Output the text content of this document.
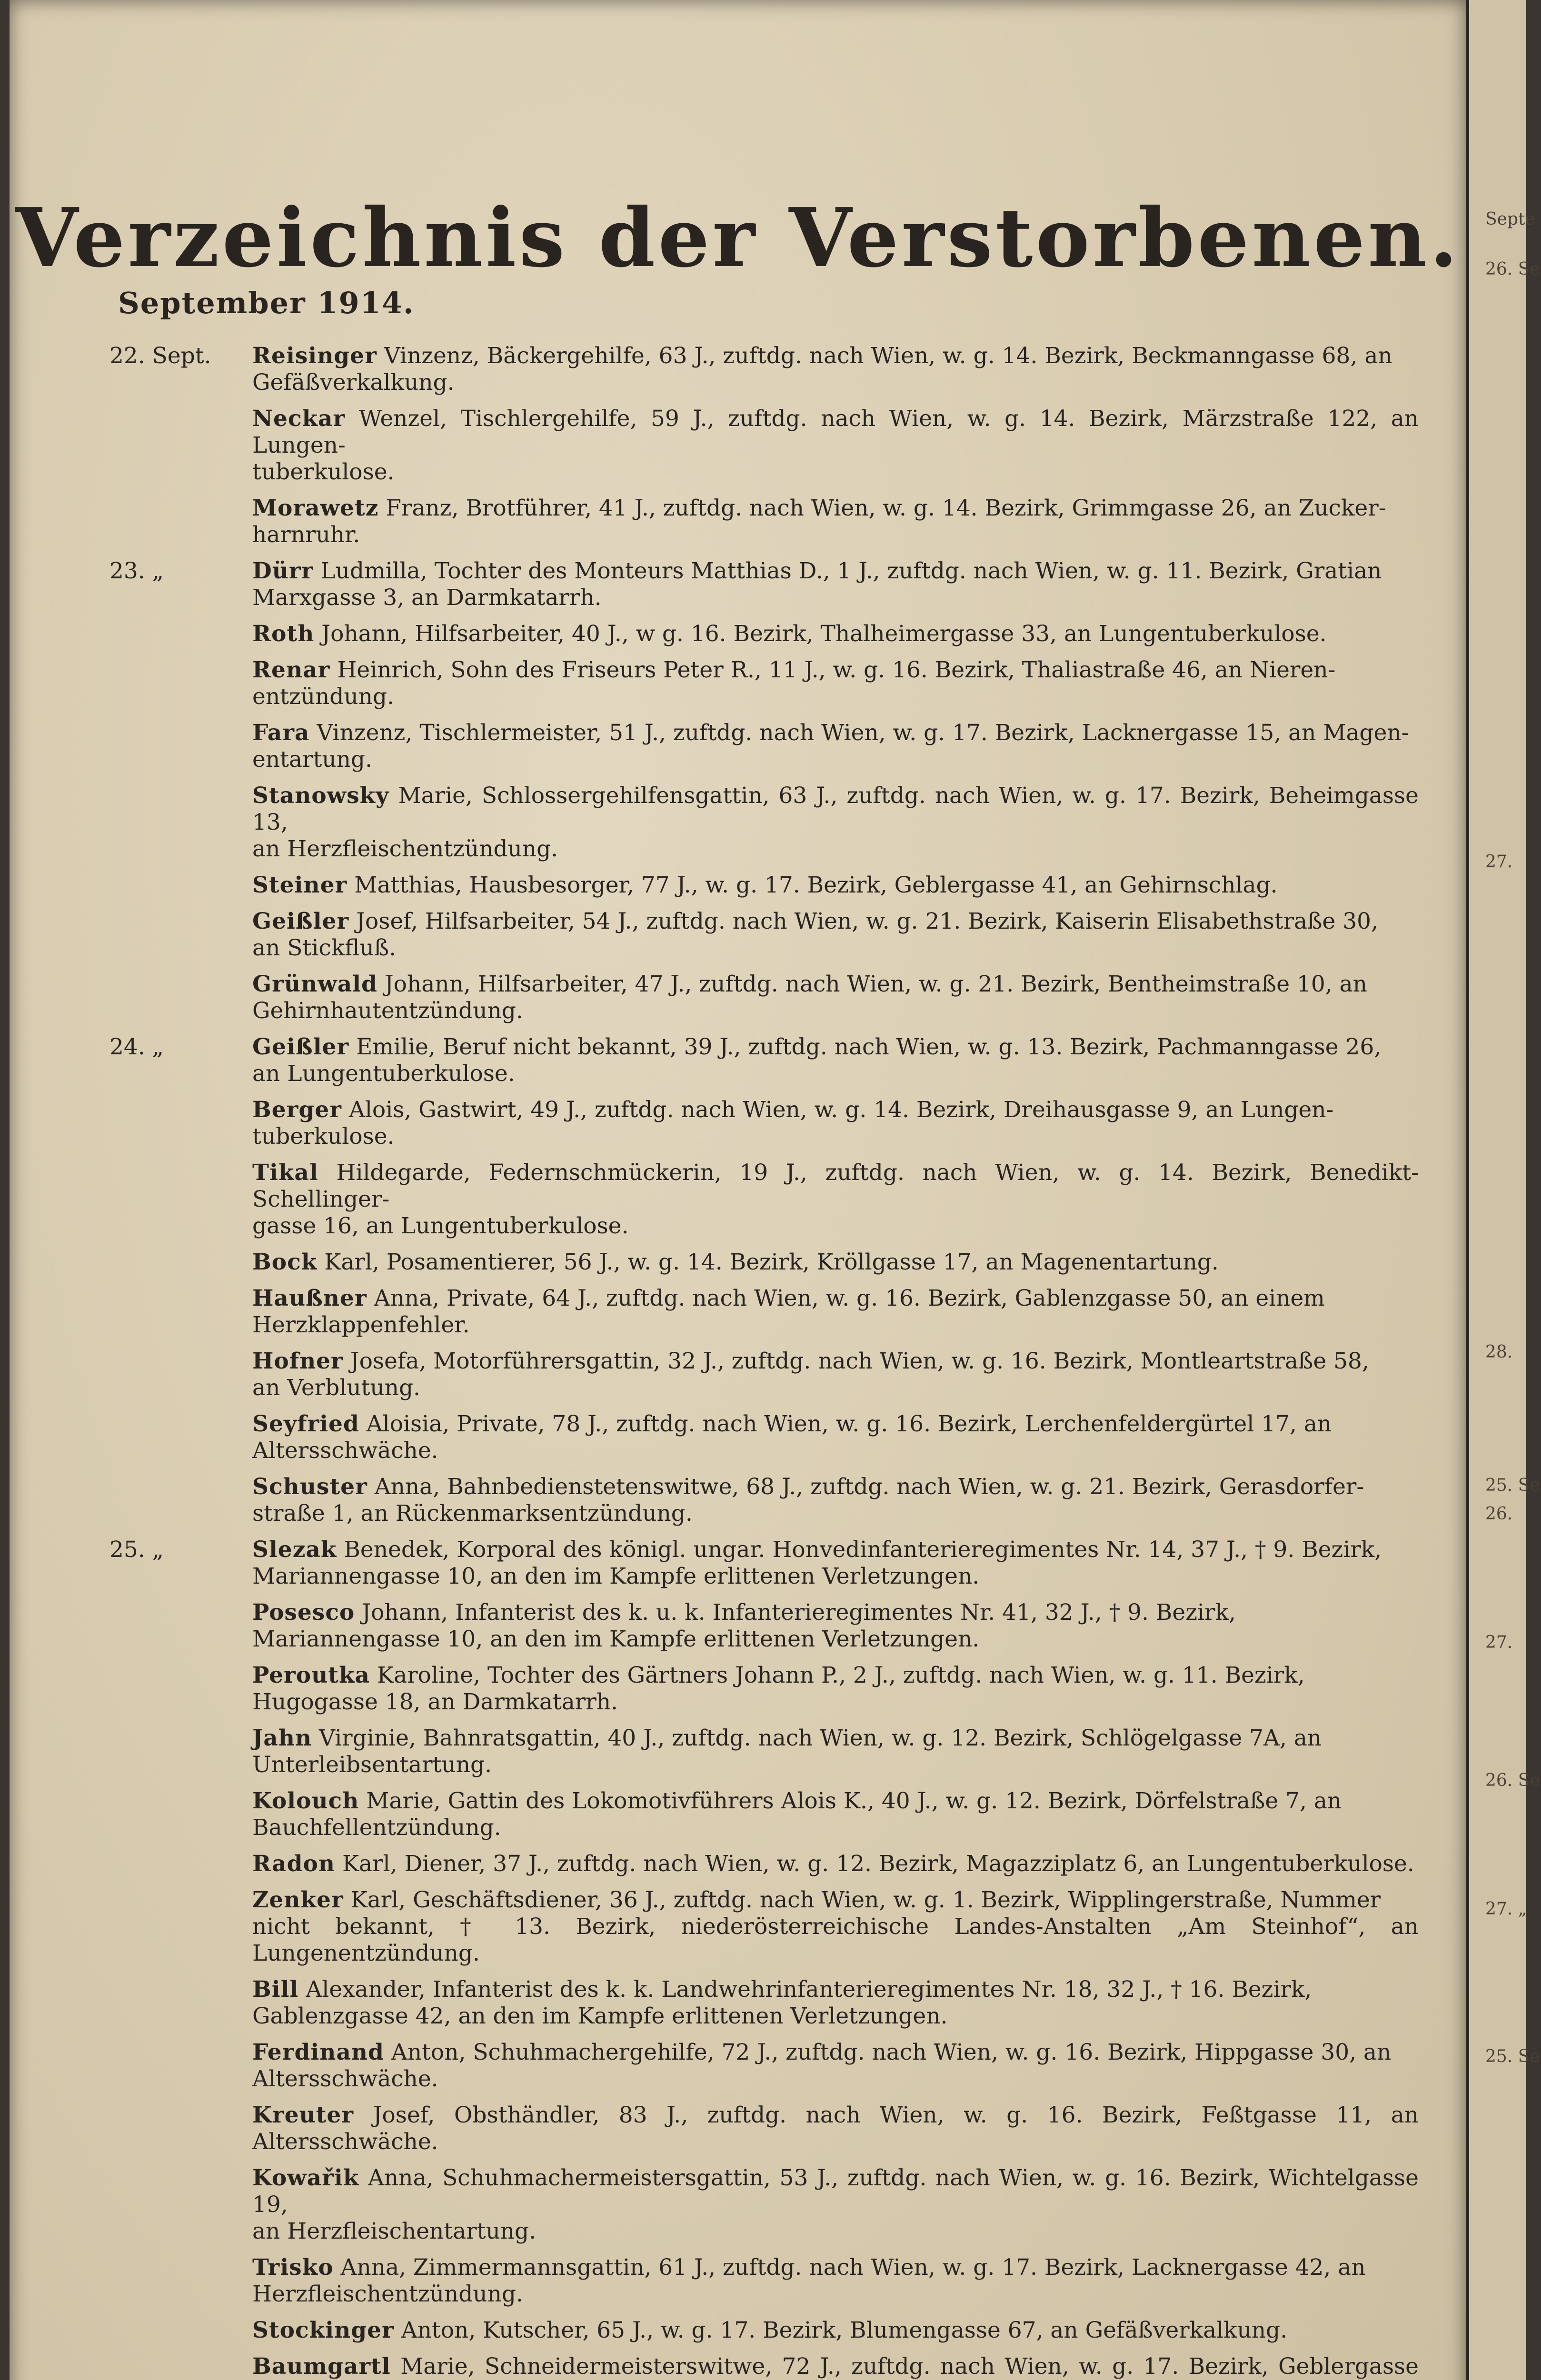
Verzeichnis der Verstorbenen.
September 1914.
22. Sept.	Reisinger Vinzenz, Bäckergehilfe, 63 J., zuftdg. nach Wien, w. g. 14. Bezirk, Beckmanngasse 68, an
Gefäßverkalkung.
Neckar Wenzel, Tischlergehilfe, 59 J., zuftdg. nach Wien, w. g. 14. Bezirk, Märzstraße 122, an Lungen-
tuberkulose.
Morawetz Franz, Brotführer, 41 J., zuftdg. nach Wien, w. g. 14. Bezirk, Grimmgasse 26, an Zucker-
harnruhr.
23. „	Dürr Ludmilla, Tochter des Monteurs Matthias D., 1 J., zuftdg. nach Wien, w. g. 11. Bezirk, Gratian
Marxgasse 3, an Darmkatarrh.
Roth Johann, Hilfsarbeiter, 40 J., w g. 16. Bezirk, Thalheimergasse 33, an Lungentuberkulose.
Renar Heinrich, Sohn des Friseurs Peter R., 11 J., w. g. 16. Bezirk, Thaliastraße 46, an Nieren-
entzündung.
Fara Vinzenz, Tischlermeister, 51 J., zuftdg. nach Wien, w. g. 17. Bezirk, Lacknergasse 15, an Magen-
entartung.
Stanowsky Marie, Schlossergehilfensgattin, 63 J., zuftdg. nach Wien, w. g. 17. Bezirk, Beheimgasse 13,
an Herzfleischentzündung.
Steiner Matthias, Hausbesorger, 77 J., w. g. 17. Bezirk, Geblergasse 41, an Gehirnschlag.
Geißler Josef, Hilfsarbeiter, 54 J., zuftdg. nach Wien, w. g. 21. Bezirk, Kaiserin Elisabethstraße 30,
an Stickfluß.
Grünwald Johann, Hilfsarbeiter, 47 J., zuftdg. nach Wien, w. g. 21. Bezirk, Bentheimstraße 10, an
Gehirnhautentzündung.
24. „	Geißler Emilie, Beruf nicht bekannt, 39 J., zuftdg. nach Wien, w. g. 13. Bezirk, Pachmanngasse 26,
an Lungentuberkulose.
Berger Alois, Gastwirt, 49 J., zuftdg. nach Wien, w. g. 14. Bezirk, Dreihausgasse 9, an Lungen-
tuberkulose.
Tikal Hildegarde, Federnschmückerin, 19 J., zuftdg. nach Wien, w. g. 14. Bezirk, Benedikt-Schellinger-
gasse 16, an Lungentuberkulose.
Bock Karl, Posamentierer, 56 J., w. g. 14. Bezirk, Kröllgasse 17, an Magenentartung.
Haußner Anna, Private, 64 J., zuftdg. nach Wien, w. g. 16. Bezirk, Gablenzgasse 50, an einem
Herzklappenfehler.
Hofner Josefa, Motorführersgattin, 32 J., zuftdg. nach Wien, w. g. 16. Bezirk, Montleartstraße 58,
an Verblutung.
Seyfried Aloisia, Private, 78 J., zuftdg. nach Wien, w. g. 16. Bezirk, Lerchenfeldergürtel 17, an
Altersschwäche.
Schuster Anna, Bahnbedienstetenswitwe, 68 J., zuftdg. nach Wien, w. g. 21. Bezirk, Gerasdorfer-
straße 1, an Rückenmarksentzündung.
25. „	Slezak Benedek, Korporal des königl. ungar. Honvedinfanterieregimentes Nr. 14, 37 J., † 9. Bezirk,
Mariannengasse 10, an den im Kampfe erlittenen Verletzungen.
Posesco Johann, Infanterist des k. u. k. Infanterieregimentes Nr. 41, 32 J., † 9. Bezirk,
Mariannengasse 10, an den im Kampfe erlittenen Verletzungen.
Peroutka Karoline, Tochter des Gärtners Johann P., 2 J., zuftdg. nach Wien, w. g. 11. Bezirk,
Hugogasse 18, an Darmkatarrh.
Jahn Virginie, Bahnratsgattin, 40 J., zuftdg. nach Wien, w. g. 12. Bezirk, Schlögelgasse 7A, an
Unterleibsentartung.
Kolouch Marie, Gattin des Lokomotivführers Alois K., 40 J., w. g. 12. Bezirk, Dörfelstraße 7, an
Bauchfellentzündung.
Radon Karl, Diener, 37 J., zuftdg. nach Wien, w. g. 12. Bezirk, Magazziplatz 6, an Lungentuberkulose.
Zenker Karl, Geschäftsdiener, 36 J., zuftdg. nach Wien, w. g. 1. Bezirk, Wipplingerstraße, Nummer
nicht bekannt, † 13. Bezirk, niederösterreichische Landes-Anstalten „Am Steinhof“, an Lungenentzündung.
Bill Alexander, Infanterist des k. k. Landwehrinfanterieregimentes Nr. 18, 32 J., † 16. Bezirk,
Gablenzgasse 42, an den im Kampfe erlittenen Verletzungen.
Ferdinand Anton, Schuhmachergehilfe, 72 J., zuftdg. nach Wien, w. g. 16. Bezirk, Hippgasse 30, an
Altersschwäche.
Kreuter Josef, Obsthändler, 83 J., zuftdg. nach Wien, w. g. 16. Bezirk, Feßtgasse 11, an Altersschwäche.
Kowařik Anna, Schuhmachermeistersgattin, 53 J., zuftdg. nach Wien, w. g. 16. Bezirk, Wichtelgasse 19,
an Herzfleischentartung.
Trisko Anna, Zimmermannsgattin, 61 J., zuftdg. nach Wien, w. g. 17. Bezirk, Lacknergasse 42, an
Herzfleischentzündung.
Stockinger Anton, Kutscher, 65 J., w. g. 17. Bezirk, Blumengasse 67, an Gefäßverkalkung.
Baumgartl Marie, Schneidermeisterswitwe, 72 J., zuftdg. nach Wien, w. g. 17. Bezirk, Geblergasse
Septe
26. Se
27.
28.
25. Se
26.
27.
26. Se
27. „
25. Se
